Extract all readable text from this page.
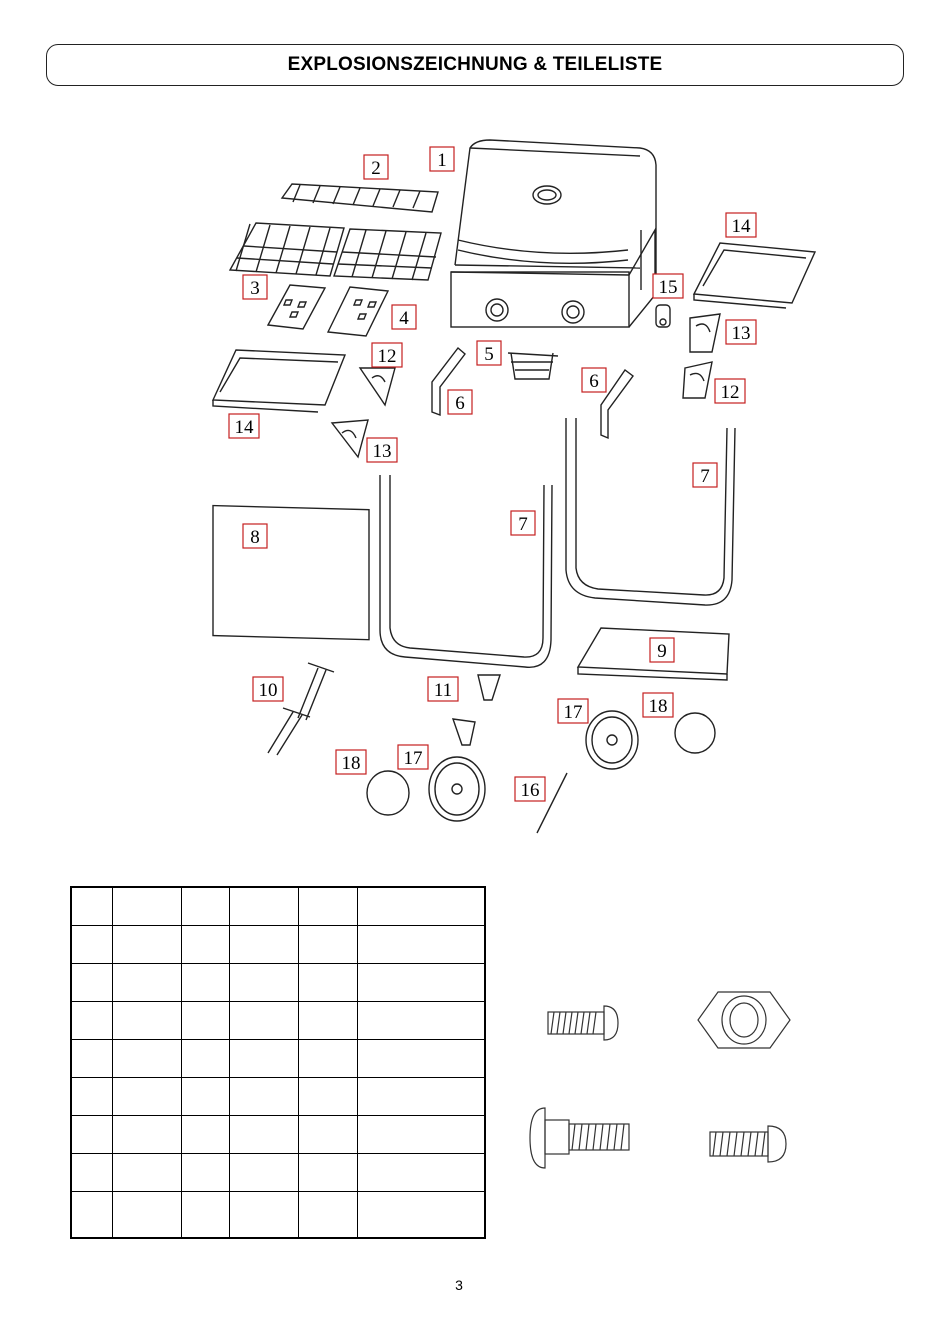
EXPLOSIONSZEICHNUNG & TEILELISTE
1
2
3
4
5
6
6
7
7
8
9
10	11
12
12
13
13
14
14
15
16
17
17
18
18

3
